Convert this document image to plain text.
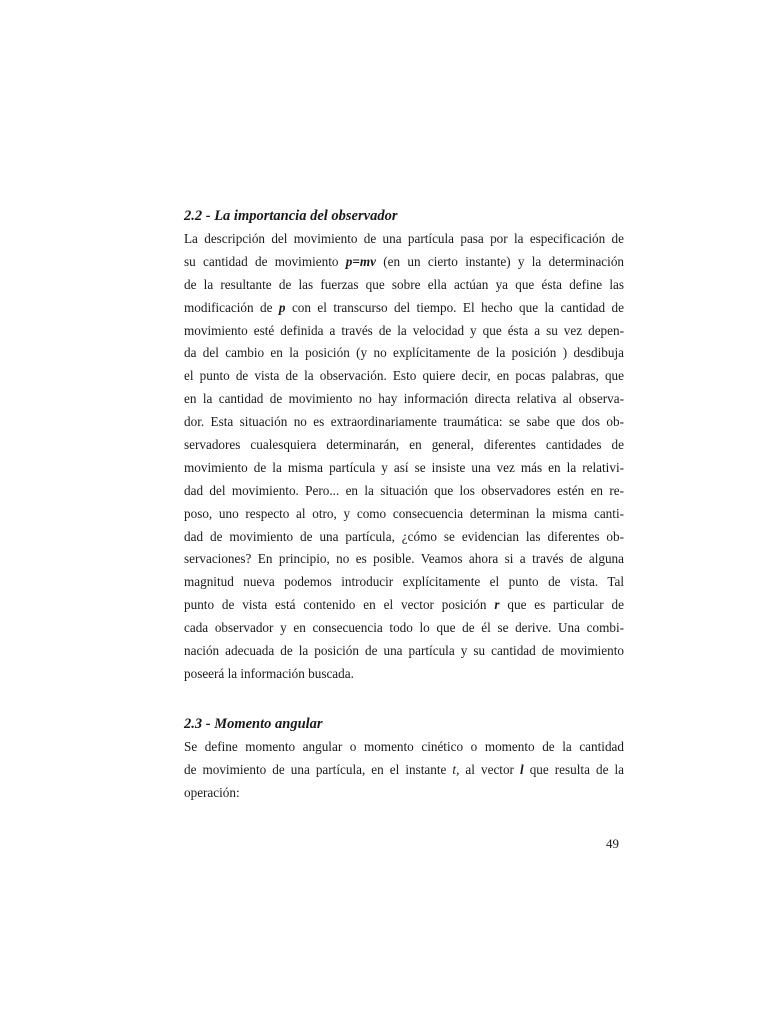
2.2 - La importancia del observador
La descripción del movimiento de una partícula pasa por la especificación de
su cantidad de movimiento p=mv (en un cierto instante) y la determinación
de la resultante de las fuerzas que sobre ella actúan ya que ésta define las
modificación de p con el transcurso del tiempo. El hecho que la cantidad de
movimiento esté definida a través de la velocidad y que ésta a su vez depen-
da del cambio en la posición (y no explícitamente de la posición ) desdibuja
el punto de vista de la observación. Esto quiere decir, en pocas palabras, que
en la cantidad de movimiento no hay información directa relativa al observa-
dor. Esta situación no es extraordinariamente traumática: se sabe que dos ob-
servadores cualesquiera determinarán, en general, diferentes cantidades de
movimiento de la misma partícula y así se insiste una vez más en la relativi-
dad del movimiento. Pero... en la situación que los observadores estén en re-
poso, uno respecto al otro, y como consecuencia determinan la misma canti-
dad de movimiento de una partícula, ¿cómo se evidencian las diferentes ob-
servaciones? En principio, no es posible. Veamos ahora si a través de alguna
magnitud nueva podemos introducir explícitamente el punto de vista. Tal
punto de vista está contenido en el vector posición r que es particular de
cada observador y en consecuencia todo lo que de él se derive. Una combi-
nación adecuada de la posición de una partícula y su cantidad de movimiento
poseerá la información buscada.
2.3 - Momento angular
Se define momento angular o momento cinético o momento de la cantidad
de movimiento de una partícula, en el instante t, al vector l que resulta de la
operación:
49
